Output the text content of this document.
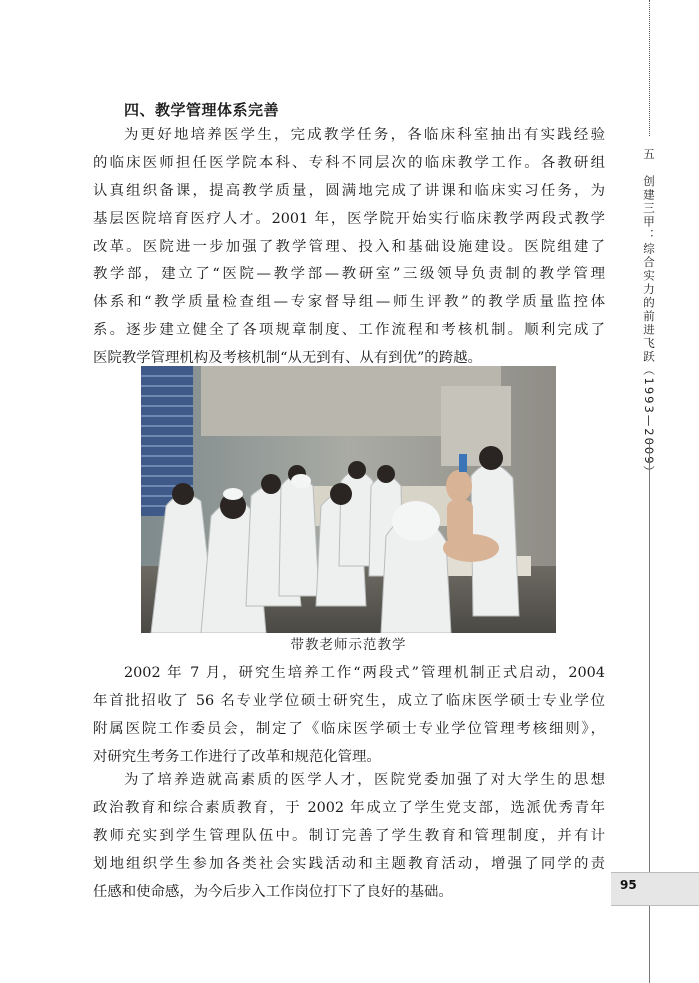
四、教学管理体系完善
为更好地培养医学生，完成教学任务，各临床科室抽出有实践经验
的临床医师担任医学院本科、专科不同层次的临床教学工作。各教研组
认真组织备课，提高教学质量，圆满地完成了讲课和临床实习任务，为
基层医院培育医疗人才。2001 年，医学院开始实行临床教学两段式教学
改革。医院进一步加强了教学管理、投入和基础设施建设。医院组建了
教学部，建立了“医院—教学部—教研室”三级领导负责制的教学管理
体系和“教学质量检查组—专家督导组—师生评教”的教学质量监控体
系。逐步建立健全了各项规章制度、工作流程和考核机制。顺利完成了
医院教学管理机构及考核机制“从无到有、从有到优”的跨越。
带教老师示范教学
2002 年 7 月，研究生培养工作“两段式”管理机制正式启动，2004
年首批招收了 56 名专业学位硕士研究生，成立了临床医学硕士专业学位
附属医院工作委员会，制定了《临床医学硕士专业学位管理考核细则》，
对研究生考务工作进行了改革和规范化管理。
为了培养造就高素质的医学人才，医院党委加强了对大学生的思想
政治教育和综合素质教育，于 2002 年成立了学生党支部，选派优秀青年
教师充实到学生管理队伍中。制订完善了学生教育和管理制度，并有计
划地组织学生参加各类社会实践活动和主题教育活动，增强了同学的责
任感和使命感，为今后步入工作岗位打下了良好的基础。
五　创建三甲：综合实力的前进飞跃（1993—2009）
95
